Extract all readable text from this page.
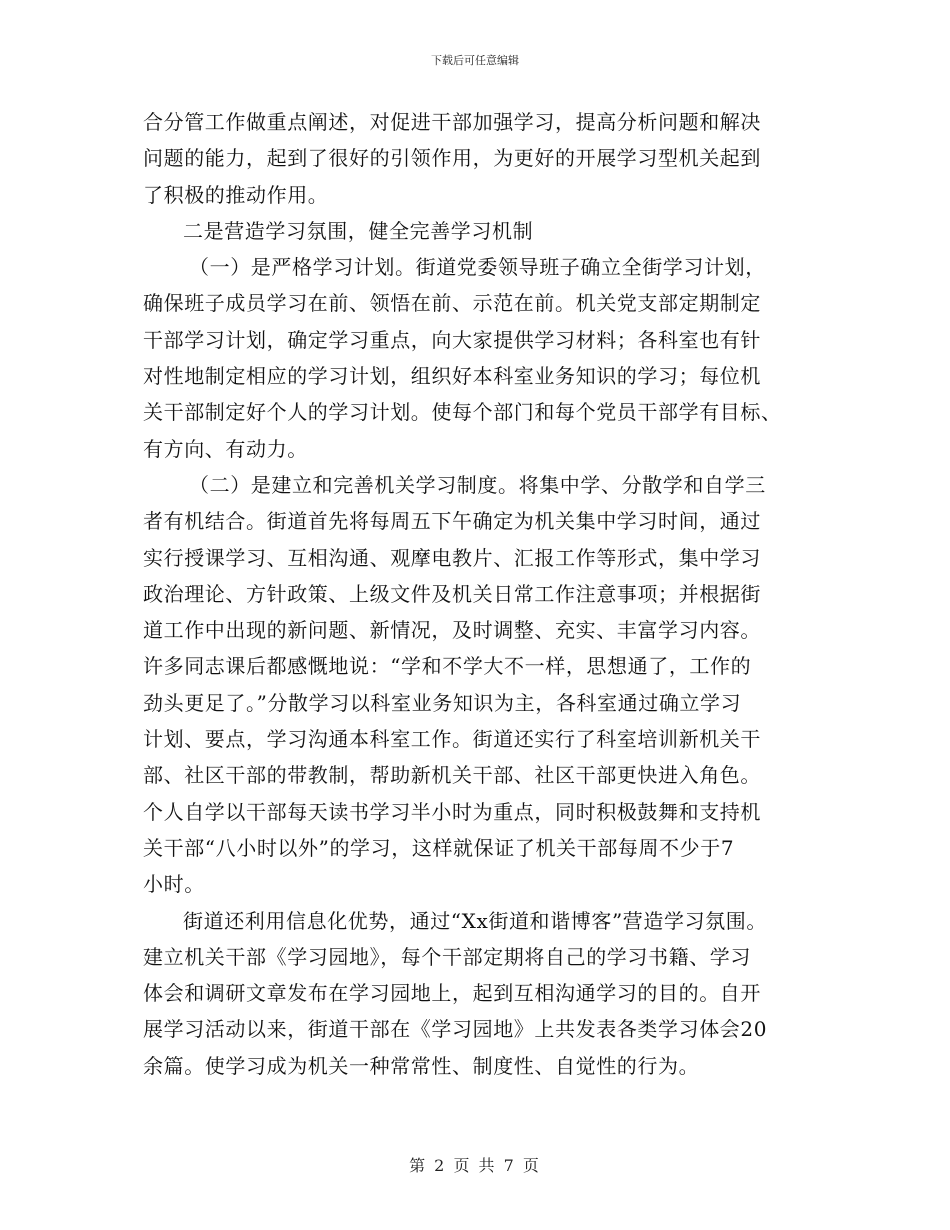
下载后可任意编辑
合分管工作做重点阐述，对促进干部加强学习，提高分析问题和解决
问题的能力，起到了很好的引领作用，为更好的开展学习型机关起到
了积极的推动作用。
二是营造学习氛围，健全完善学习机制
（一）是严格学习计划。街道党委领导班子确立全街学习计划，
确保班子成员学习在前、领悟在前、示范在前。机关党支部定期制定
干部学习计划，确定学习重点，向大家提供学习材料；各科室也有针
对性地制定相应的学习计划，组织好本科室业务知识的学习；每位机
关干部制定好个人的学习计划。使每个部门和每个党员干部学有目标、
有方向、有动力。
（二）是建立和完善机关学习制度。将集中学、分散学和自学三
者有机结合。街道首先将每周五下午确定为机关集中学习时间，通过
实行授课学习、互相沟通、观摩电教片、汇报工作等形式，集中学习
政治理论、方针政策、上级文件及机关日常工作注意事项；并根据街
道工作中出现的新问题、新情况，及时调整、充实、丰富学习内容。
许多同志课后都感慨地说：“学和不学大不一样，思想通了，工作的
劲头更足了。”分散学习以科室业务知识为主，各科室通过确立学习
计划、要点，学习沟通本科室工作。街道还实行了科室培训新机关干
部、社区干部的带教制，帮助新机关干部、社区干部更快进入角色。
个人自学以干部每天读书学习半小时为重点，同时积极鼓舞和支持机
关干部“八小时以外”的学习，这样就保证了机关干部每周不少于7
小时。
街道还利用信息化优势，通过“Xx街道和谐博客”营造学习氛围。
建立机关干部《学习园地》，每个干部定期将自己的学习书籍、学习
体会和调研文章发布在学习园地上，起到互相沟通学习的目的。自开
展学习活动以来，街道干部在《学习园地》上共发表各类学习体会20
余篇。使学习成为机关一种常常性、制度性、自觉性的行为。
第 2 页 共 7 页
